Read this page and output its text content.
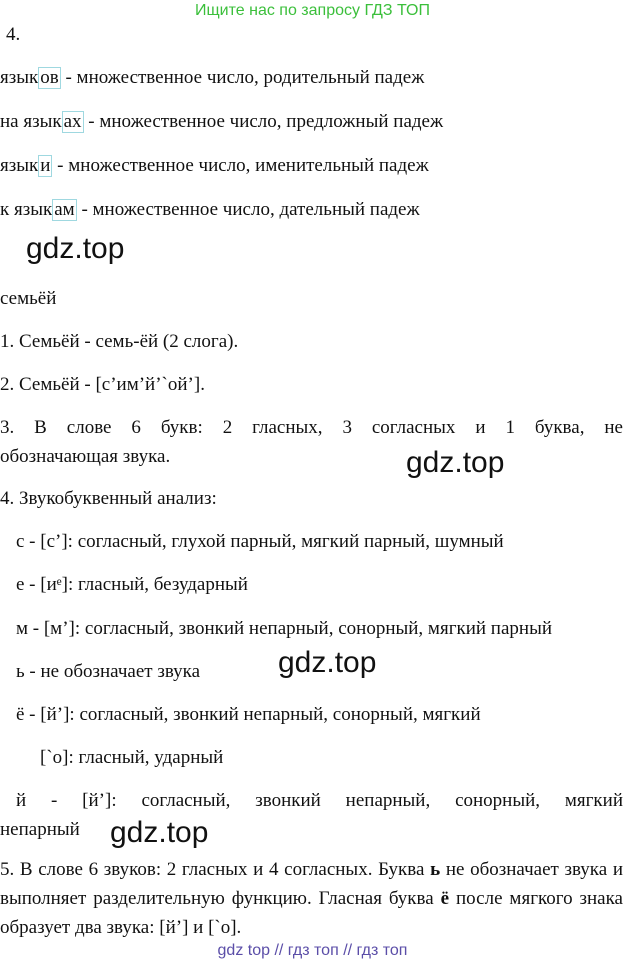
Ищите нас по запросу ГДЗ ТОП
4.
язык ов - множественное число, родительный падеж
на язык ах - множественное число, предложный падеж
язык и - множественное число, именительный падеж
к язык ам - множественное число, дательный падеж
gdz.top
семьёй
1. Семьёй - семь-ёй (2 слога).
2. Семьёй - [с’им’й’`ой’].
3. В слове 6 букв: 2 гласных, 3 согласных и 1 буква, не
обозначающая звука.	gdz.top
4. Звукобуквенный анализ:
с - [с’]: согласный, глухой парный, мягкий парный, шумный
е - [иᵉ]: гласный, безударный
м - [м’]: согласный, звонкий непарный, сонорный, мягкий парный
ь - не обозначает звука	gdz.top
ё - [й’]: согласный, звонкий непарный, сонорный, мягкий
[`о]: гласный, ударный
й - [й’]: согласный, звонкий непарный, сонорный, мягкий
непарный gdz.top
5. В слове 6 звуков: 2 гласных и 4 согласных. Буква ь не обозначает звука и выполняет разделительную функцию. Гласная буква ё после мягкого знака образует два звука: [й’] и [`о].
gdz top // гдз топ // гдз топ
